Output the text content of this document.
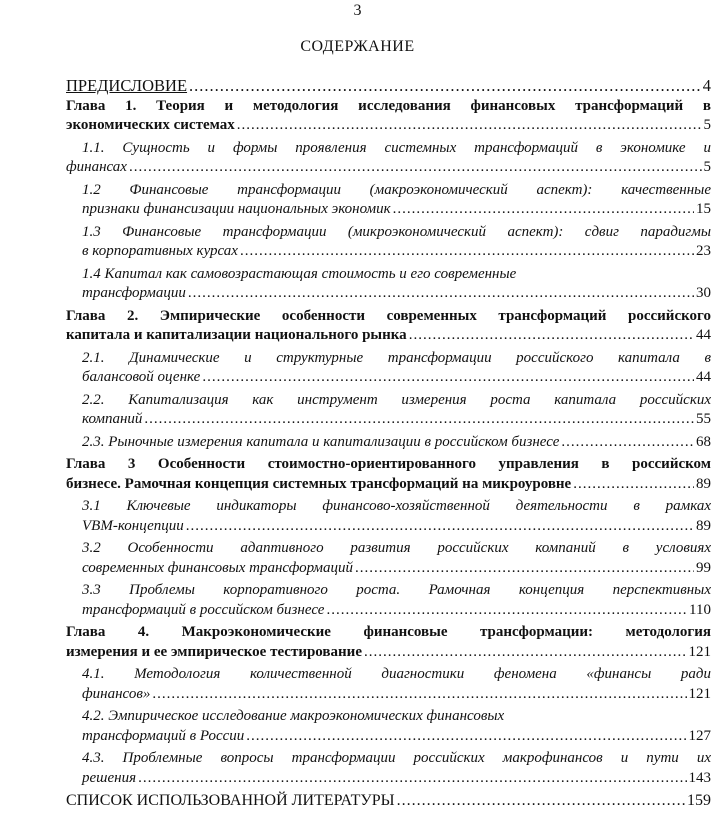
3
СОДЕРЖАНИЕ
ПРЕДИСЛОВИЕ .....	4
Глава 1. Теория и методология исследования финансовых трансформаций в
экономических системах .....	5
1.1. Сущность и формы проявления системных трансформаций в экономике и
финансах .....	5
1.2 Финансовые трансформации (макроэкономический аспект): качественные
признаки финансизации национальных экономик .....	15
1.3 Финансовые трансформации (микроэкономический аспект): сдвиг парадигмы
в корпоративных курсах .....	23
1.4 Капитал как самовозрастающая стоимость и его современные
трансформации .....	30
Глава 2. Эмпирические особенности современных трансформаций российского
капитала и капитализации национального рынка .....	44
2.1. Динамические и структурные трансформации российского капитала в
балансовой оценке .....	44
2.2. Капитализация как инструмент измерения роста капитала российских
компаний .....	55
2.3. Рыночные измерения капитала и капитализации в российском бизнесе .....	68
Глава 3 Особенности стоимостно-ориентированного управления в российском
бизнесе. Рамочная концепция системных трансформаций на микроуровне .....	89
3.1 Ключевые индикаторы финансово-хозяйственной деятельности в рамках
VBM-концепции .....	89
3.2 Особенности адаптивного развития российских компаний в условиях
современных финансовых трансформаций .....	99
3.3 Проблемы корпоративного роста. Рамочная концепция перспективных
трансформаций в российском бизнесе .....	110
Глава 4. Макроэкономические финансовые трансформации: методология
измерения и ее эмпирическое тестирование .....	121
4.1. Методология количественной диагностики феномена «финансы ради
финансов» .....	121
4.2. Эмпирическое исследование макроэкономических финансовых
трансформаций в России .....	127
4.3. Проблемные вопросы трансформации российских макрофинансов и пути их
решения .....	143
СПИСОК ИСПОЛЬЗОВАННОЙ ЛИТЕРАТУРЫ .....	159
